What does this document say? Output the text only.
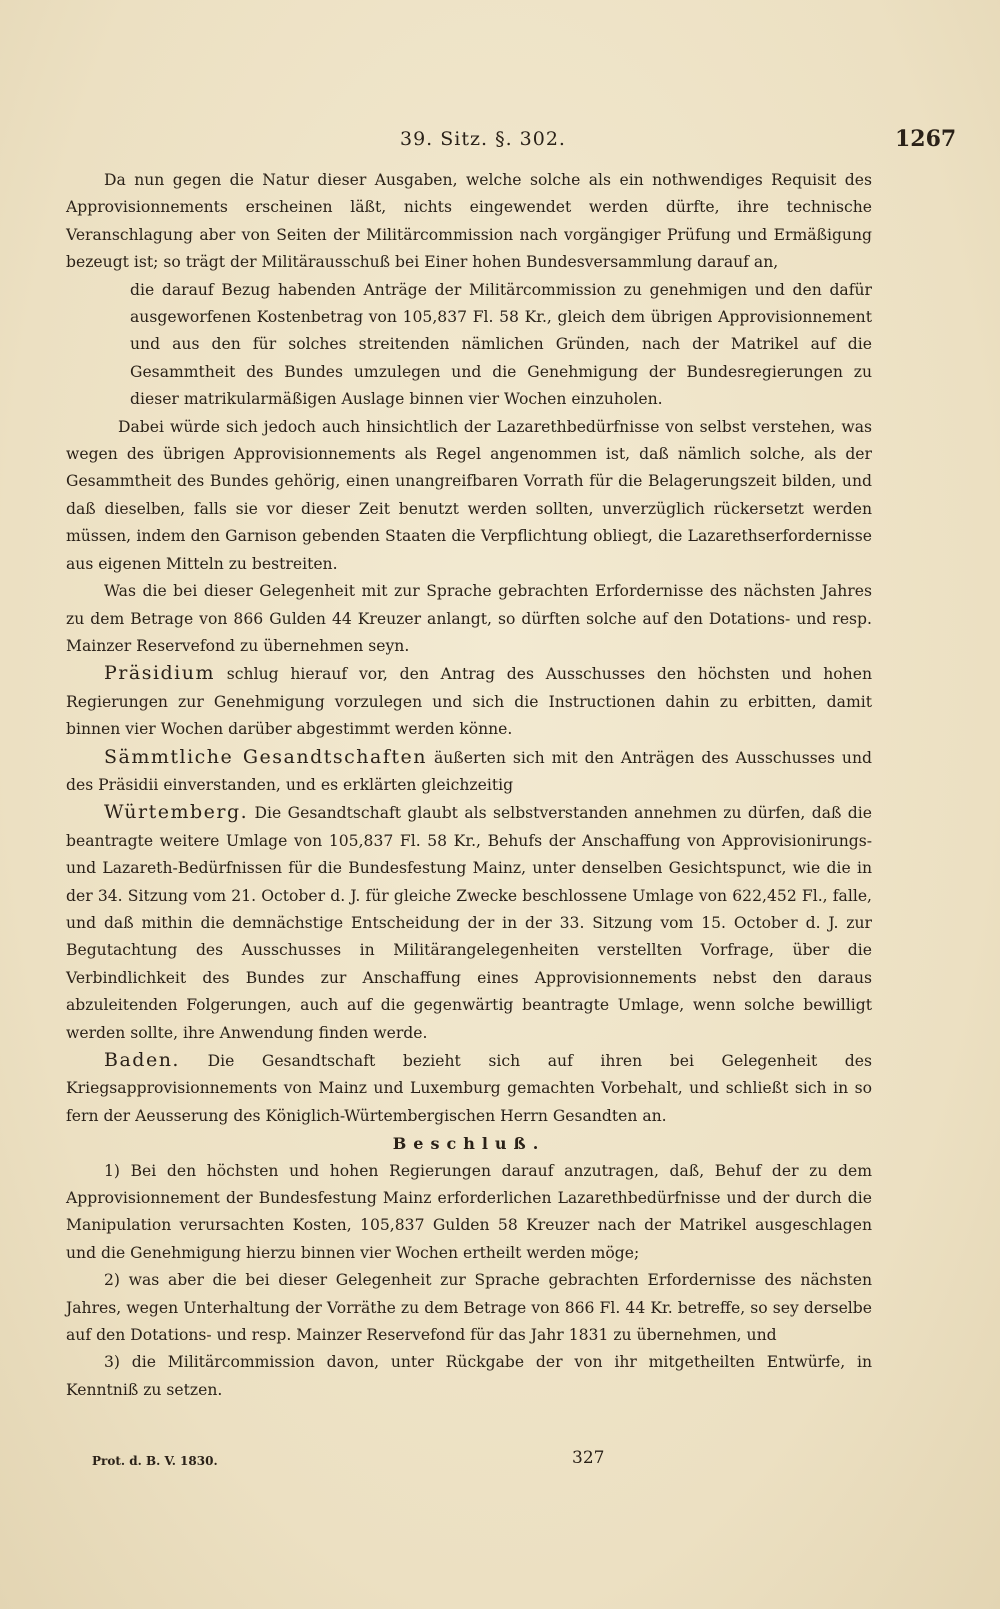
39. Sitz. §. 302.	1267

Da nun gegen die Natur dieser Ausgaben, welche solche als ein nothwendiges Requisit des Approvisionnements erscheinen läßt, nichts eingewendet werden dürfte, ihre technische Veranschlagung aber von Seiten der Militärcommission nach vorgängiger Prüfung und Ermäßigung bezeugt ist; so trägt der Militärausschuß bei Einer hohen Bundesversammlung darauf an,

die darauf Bezug habenden Anträge der Militärcommission zu genehmigen und den dafür ausgeworfenen Kostenbetrag von 105,837 Fl. 58 Kr., gleich dem übrigen Approvisionnement und aus den für solches streitenden nämlichen Gründen, nach der Matrikel auf die Gesammtheit des Bundes umzulegen und die Genehmigung der Bundesregierungen zu dieser matrikularmäßigen Auslage binnen vier Wochen einzuholen.

Dabei würde sich jedoch auch hinsichtlich der Lazarethbedürfnisse von selbst verstehen, was wegen des übrigen Approvisionnements als Regel angenommen ist, daß nämlich solche, als der Gesammtheit des Bundes gehörig, einen unangreifbaren Vorrath für die Belagerungszeit bilden, und daß dieselben, falls sie vor dieser Zeit benutzt werden sollten, unverzüglich rückersetzt werden müssen, indem den Garnison gebenden Staaten die Verpflichtung obliegt, die Lazarethserfordernisse aus eigenen Mitteln zu bestreiten.

Was die bei dieser Gelegenheit mit zur Sprache gebrachten Erfordernisse des nächsten Jahres zu dem Betrage von 866 Gulden 44 Kreuzer anlangt, so dürften solche auf den Dotations- und resp. Mainzer Reservefond zu übernehmen seyn.

Präsidium schlug hierauf vor, den Antrag des Ausschusses den höchsten und hohen Regierungen zur Genehmigung vorzulegen und sich die Instructionen dahin zu erbitten, damit binnen vier Wochen darüber abgestimmt werden könne.

Sämmtliche Gesandtschaften äußerten sich mit den Anträgen des Ausschusses und des Präsidii einverstanden, und es erklärten gleichzeitig

Würtemberg. Die Gesandtschaft glaubt als selbstverstanden annehmen zu dürfen, daß die beantragte weitere Umlage von 105,837 Fl. 58 Kr., Behufs der Anschaffung von Approvisionirungs- und Lazareth-Bedürfnissen für die Bundesfestung Mainz, unter denselben Gesichtspunct, wie die in der 34. Sitzung vom 21. October d. J. für gleiche Zwecke beschlossene Umlage von 622,452 Fl., falle, und daß mithin die demnächstige Entscheidung der in der 33. Sitzung vom 15. October d. J. zur Begutachtung des Ausschusses in Militärangelegenheiten verstellten Vorfrage, über die Verbindlichkeit des Bundes zur Anschaffung eines Approvisionnements nebst den daraus abzuleitenden Folgerungen, auch auf die gegenwärtig beantragte Umlage, wenn solche bewilligt werden sollte, ihre Anwendung finden werde.

Baden. Die Gesandtschaft bezieht sich auf ihren bei Gelegenheit des Kriegsapprovisionnements von Mainz und Luxemburg gemachten Vorbehalt, und schließt sich in so fern der Aeusserung des Königlich-Würtembergischen Herrn Gesandten an.

Beschluß.

1) Bei den höchsten und hohen Regierungen darauf anzutragen, daß, Behuf der zu dem Approvisionnement der Bundesfestung Mainz erforderlichen Lazarethbedürfnisse und der durch die Manipulation verursachten Kosten, 105,837 Gulden 58 Kreuzer nach der Matrikel ausgeschlagen und die Genehmigung hierzu binnen vier Wochen ertheilt werden möge;

2) was aber die bei dieser Gelegenheit zur Sprache gebrachten Erfordernisse des nächsten Jahres, wegen Unterhaltung der Vorräthe zu dem Betrage von 866 Fl. 44 Kr. betreffe, so sey derselbe auf den Dotations- und resp. Mainzer Reservefond für das Jahr 1831 zu übernehmen, und

3) die Militärcommission davon, unter Rückgabe der von ihr mitgetheilten Entwürfe, in Kenntniß zu setzen.

Prot. d. B. V. 1830.	327
